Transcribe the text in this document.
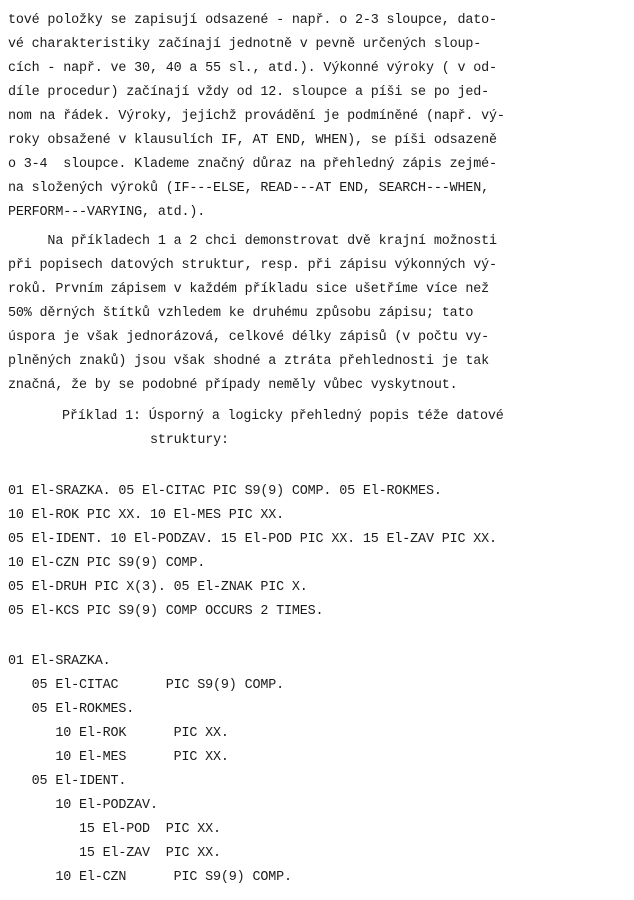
tové položky se zapisují odsazené - např. o 2-3 sloupce, dato-
vé charakteristiky začínají jednotně v pevně určených sloup-
cích - např. ve 30, 40 a 55 sl., atd.). Výkonné výroky ( v od-
díle procedur) začínají vždy od 12. sloupce a píši se po jed-
nom na řádek. Výroky, jejichž provádění je podmíněné (např. vý-
roky obsažené v klausulích IF, AT END, WHEN), se píši odsazeně
o 3-4  sloupce. Klademe značný důraz na přehledný zápis zejmé-
na složených výroků (IF---ELSE, READ---AT END, SEARCH---WHEN,
PERFORM---VARYING, atd.).
Na příkladech 1 a 2 chci demonstrovat dvě krajní možnosti
při popisech datových struktur, resp. při zápisu výkonných vý-
roků. Prvním zápisem v každém příkladu sice ušetříme více než
50% děrných štítků vzhledem ke druhému způsobu zápisu; tato
úspora je však jednorázová, celkové délky zápisů (v počtu vy-
plněných znaků) jsou však shodné a ztráta přehlednosti je tak
značná, že by se podobné případy neměly vůbec vyskytnout.
Příklad 1: Úsporný a logicky přehledný popis téže datové
struktury:
01 El-SRAZKA. 05 El-CITAC PIC S9(9) COMP. 05 El-ROKMES.
10 El-ROK PIC XX. 10 El-MES PIC XX.
05 El-IDENT. 10 El-PODZAV. 15 El-POD PIC XX. 15 El-ZAV PIC XX.
10 El-CZN PIC S9(9) COMP.
05 El-DRUH PIC X(3). 05 El-ZNAK PIC X.
05 El-KCS PIC S9(9) COMP OCCURS 2 TIMES.
01 El-SRAZKA.
05 El-CITAC      PIC S9(9) COMP.
05 El-ROKMES.
10 El-ROK      PIC XX.
10 El-MES      PIC XX.
05 El-IDENT.
10 El-PODZAV.
15 El-POD  PIC XX.
15 El-ZAV  PIC XX.
10 El-CZN      PIC S9(9) COMP.
